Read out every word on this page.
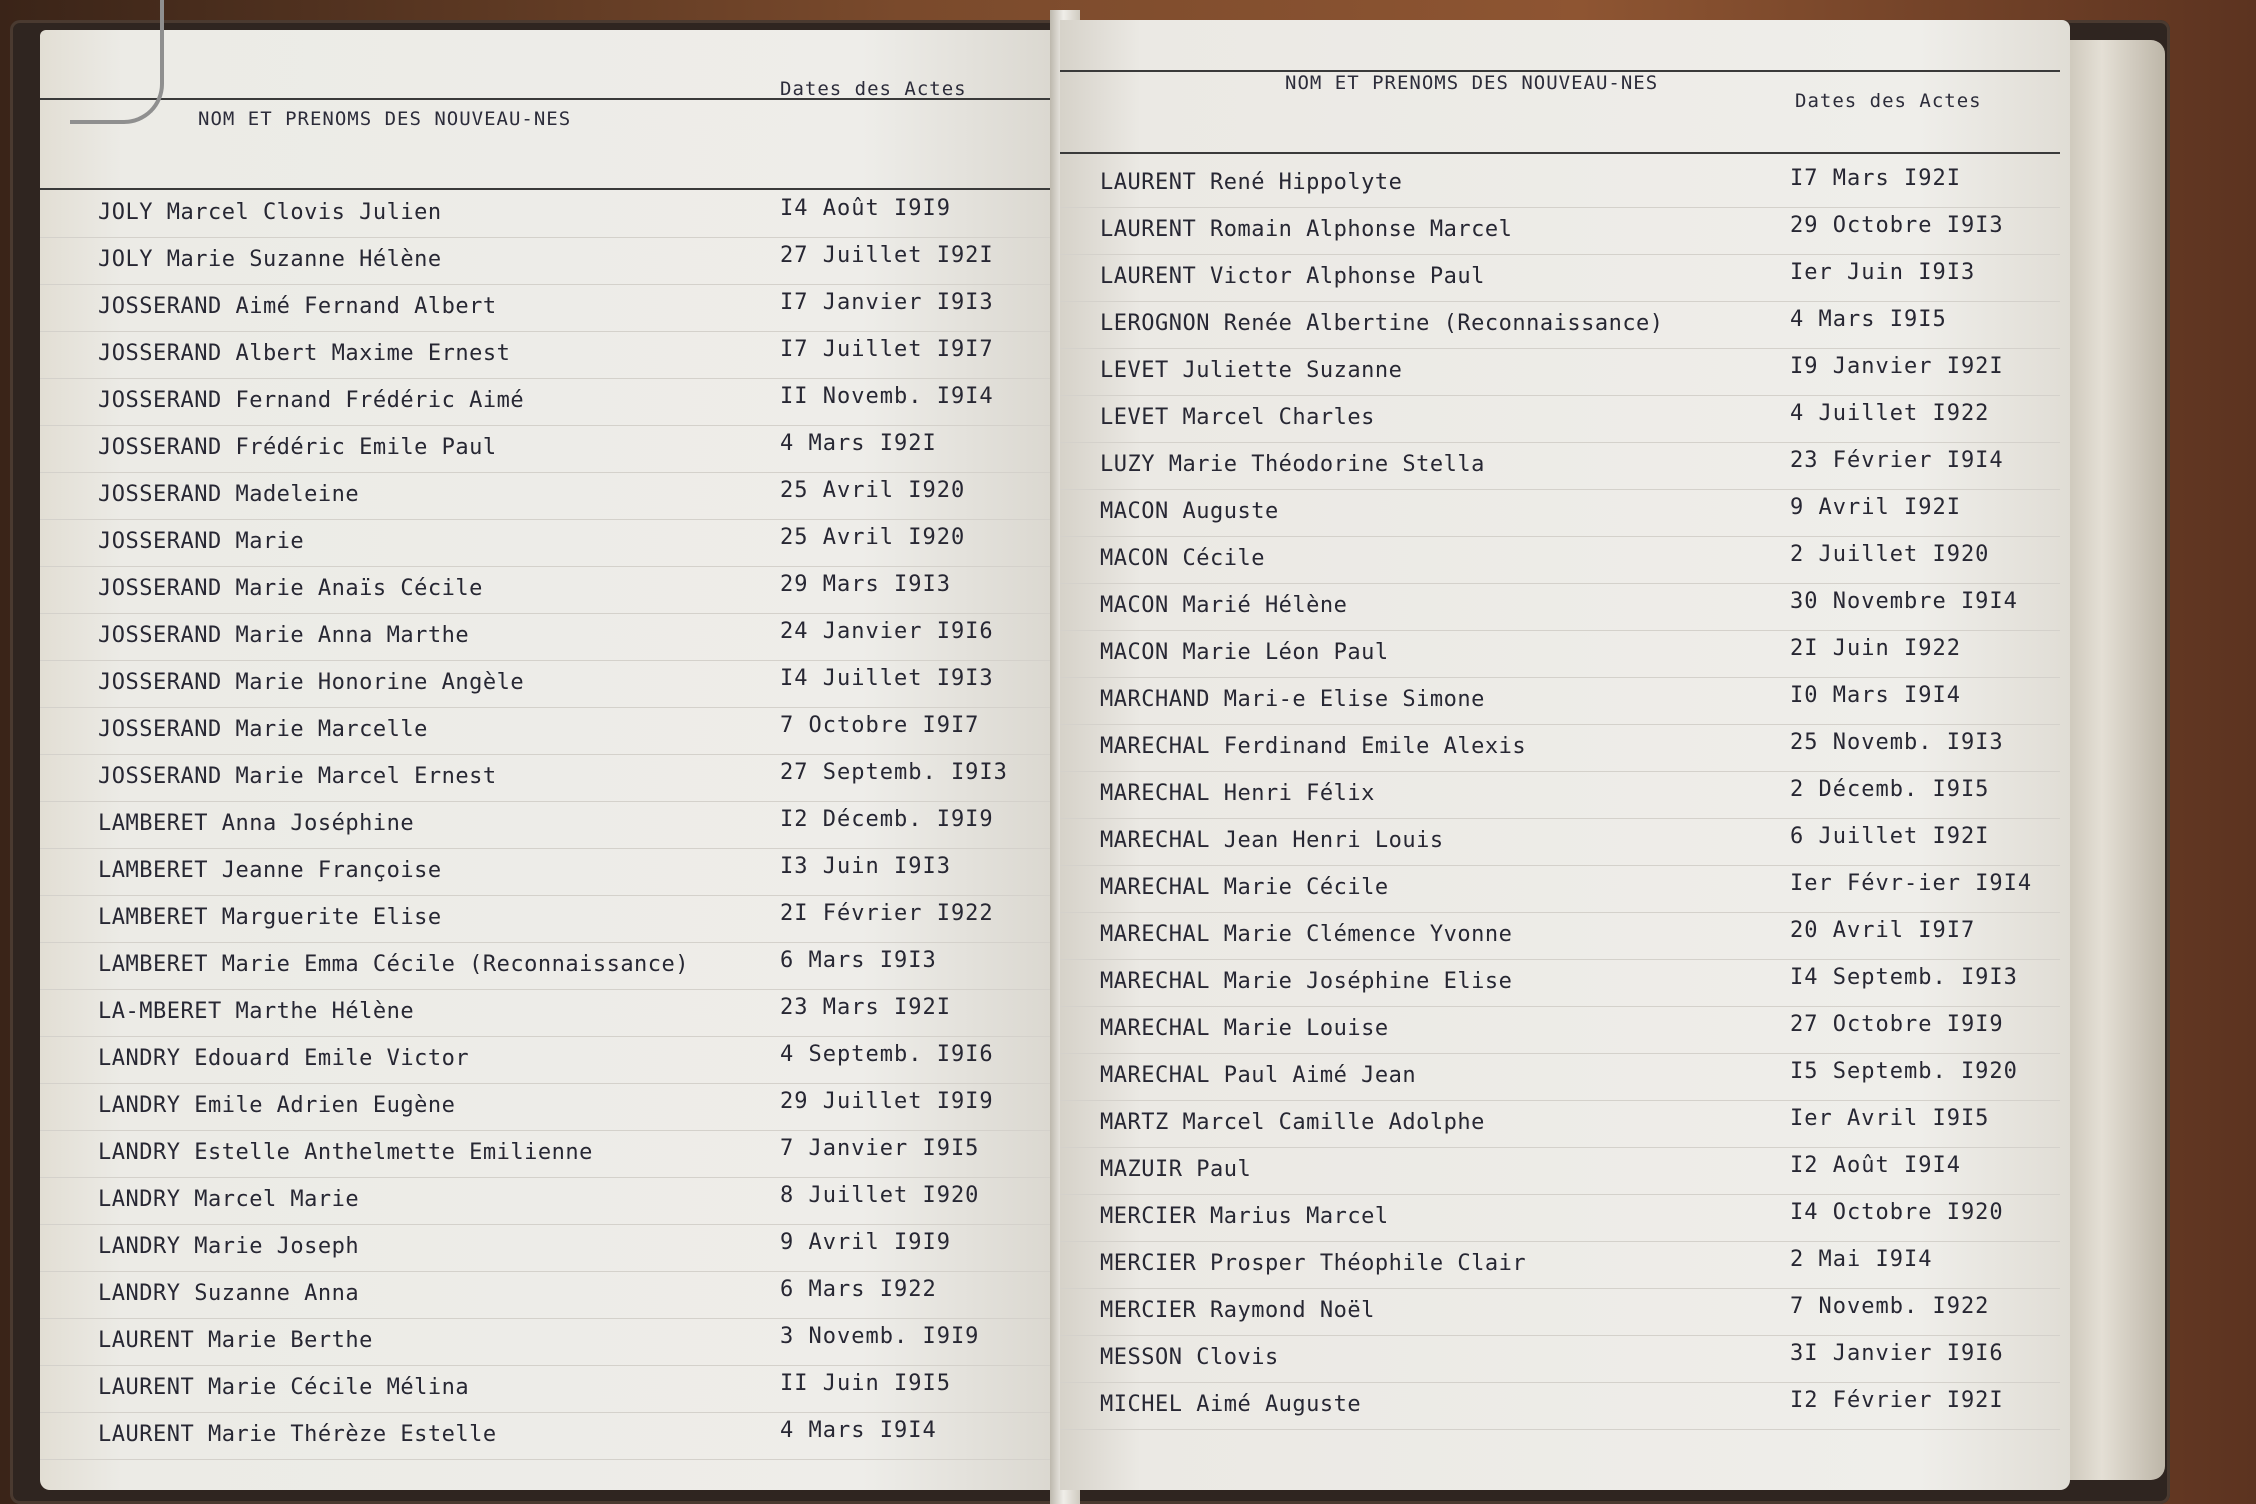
NOM ET PRENOMS DES NOUVEAU-NES
Dates des Actes
JOLY Marcel Clovis Julien	I4 Août I9I9
JOLY Marie Suzanne Hélène	27 Juillet I92I
JOSSERAND Aimé Fernand Albert	I7 Janvier I9I3
JOSSERAND Albert Maxime Ernest	I7 Juillet I9I7
JOSSERAND Fernand Frédéric Aimé	II Novemb. I9I4
JOSSERAND Frédéric Emile Paul	4 Mars I92I
JOSSERAND Madeleine	25 Avril I920
JOSSERAND Marie	25 Avril I920
JOSSERAND Marie Anaïs Cécile	29 Mars I9I3
JOSSERAND Marie Anna Marthe	24 Janvier I9I6
JOSSERAND Marie Honorine Angèle	I4 Juillet I9I3
JOSSERAND Marie Marcelle	7 Octobre I9I7
JOSSERAND Marie Marcel Ernest	27 Septemb. I9I3
LAMBERET Anna Joséphine	I2 Décemb. I9I9
LAMBERET Jeanne Françoise	I3 Juin I9I3
LAMBERET Marguerite Elise	2I Février I922
LAMBERET Marie Emma Cécile (Reconnaissance)	6 Mars I9I3
LA-MBERET Marthe Hélène	23 Mars I92I
LANDRY Edouard Emile Victor	4 Septemb. I9I6
LANDRY Emile Adrien Eugène	29 Juillet I9I9
LANDRY Estelle Anthelmette Emilienne	7 Janvier I9I5
LANDRY Marcel Marie	8 Juillet I920
LANDRY Marie Joseph	9 Avril I9I9
LANDRY Suzanne Anna	6 Mars I922
LAURENT Marie Berthe	3 Novemb. I9I9
LAURENT Marie Cécile Mélina	II Juin I9I5
LAURENT Marie Thérèze Estelle	4 Mars I9I4
NOM ET PRENOMS DES NOUVEAU-NES
Dates des Actes
LAURENT René Hippolyte	I7 Mars I92I
LAURENT Romain Alphonse Marcel	29 Octobre I9I3
LAURENT Victor Alphonse Paul	Ier Juin I9I3
LEROGNON Renée Albertine (Reconnaissance)	4 Mars I9I5
LEVET Juliette Suzanne	I9 Janvier I92I
LEVET Marcel Charles	4 Juillet I922
LUZY Marie Théodorine Stella	23 Février I9I4
MACON Auguste	9 Avril I92I
MACON Cécile	2 Juillet I920
MACON Marié Hélène	30 Novembre I9I4
MACON Marie Léon Paul	2I Juin I922
MARCHAND Mari-e Elise Simone	I0 Mars I9I4
MARECHAL Ferdinand Emile Alexis	25 Novemb. I9I3
MARECHAL Henri Félix	2 Décemb. I9I5
MARECHAL Jean Henri Louis	6 Juillet I92I
MARECHAL Marie Cécile	Ier Févr-ier I9I4
MARECHAL Marie Clémence Yvonne	20 Avril I9I7
MARECHAL Marie Joséphine Elise	I4 Septemb. I9I3
MARECHAL Marie Louise	27 Octobre I9I9
MARECHAL Paul Aimé Jean	I5 Septemb. I920
MARTZ Marcel Camille Adolphe	Ier Avril I9I5
MAZUIR Paul	I2 Août I9I4
MERCIER Marius Marcel	I4 Octobre I920
MERCIER Prosper Théophile Clair	2 Mai I9I4
MERCIER Raymond Noël	7 Novemb. I922
MESSON Clovis	3I Janvier I9I6
MICHEL Aimé Auguste	I2 Février I92I
